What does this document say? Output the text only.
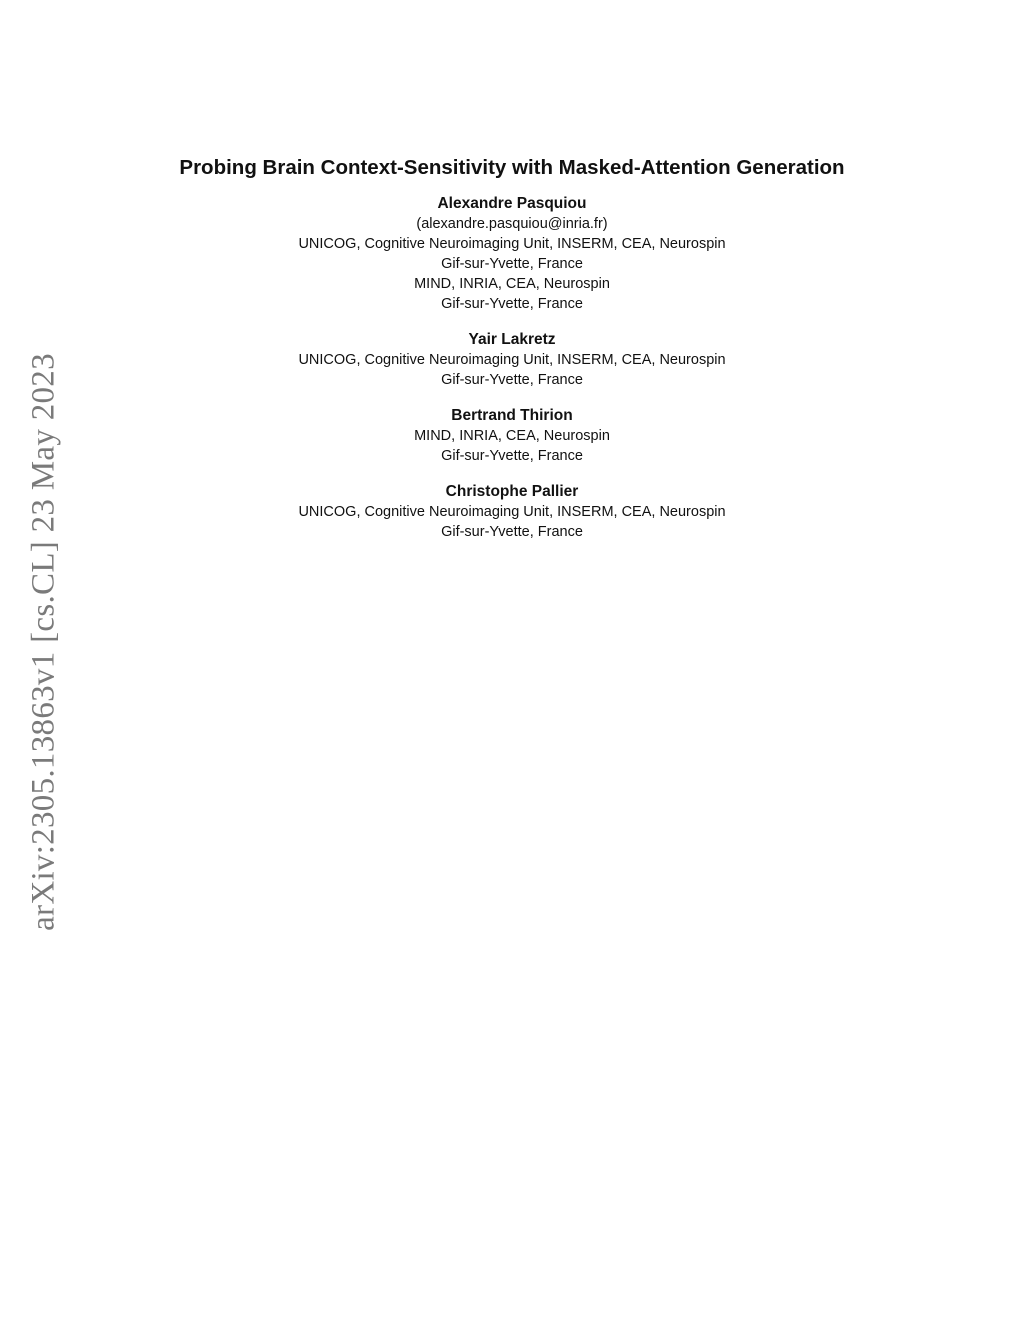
arXiv:2305.13863v1 [cs.CL] 23 May 2023
Probing Brain Context-Sensitivity with Masked-Attention Generation
Alexandre Pasquiou
(alexandre.pasquiou@inria.fr)
UNICOG, Cognitive Neuroimaging Unit, INSERM, CEA, Neurospin
Gif-sur-Yvette, France
MIND, INRIA, CEA, Neurospin
Gif-sur-Yvette, France
Yair Lakretz
UNICOG, Cognitive Neuroimaging Unit, INSERM, CEA, Neurospin
Gif-sur-Yvette, France
Bertrand Thirion
MIND, INRIA, CEA, Neurospin
Gif-sur-Yvette, France
Christophe Pallier
UNICOG, Cognitive Neuroimaging Unit, INSERM, CEA, Neurospin
Gif-sur-Yvette, France
